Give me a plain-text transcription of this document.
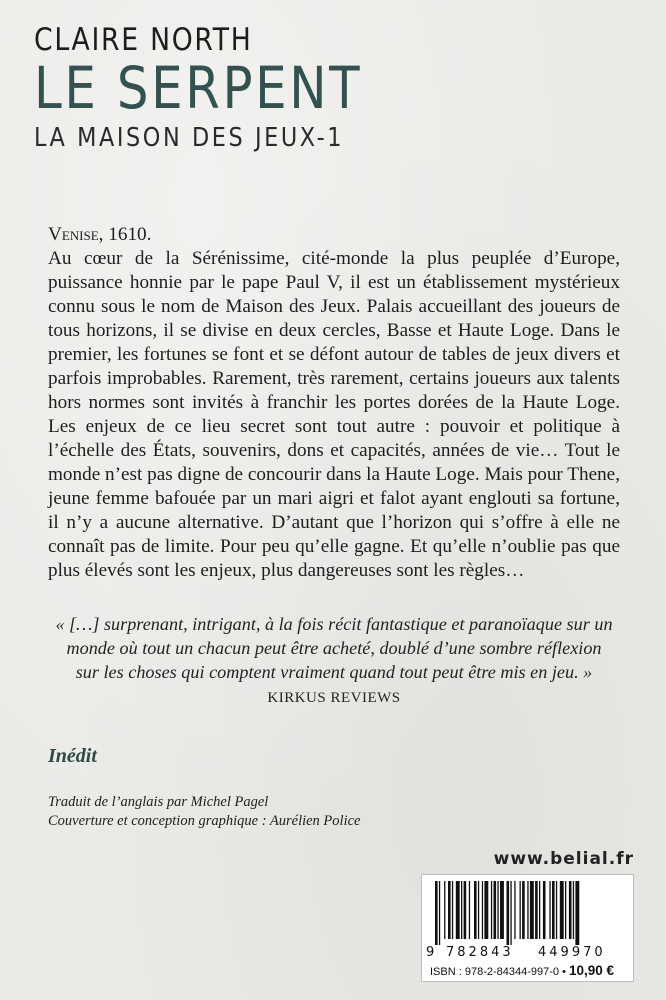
CLAIRE NORTH
LE SERPENT
LA MAISON DES JEUX-1

Venise, 1610.

Au cœur de la Sérénissime, cité-monde la plus peuplée d’Europe, puissance honnie par le pape Paul V, il est un établissement mystérieux connu sous le nom de Maison des Jeux. Palais accueillant des joueurs de tous horizons, il se divise en deux cercles, Basse et Haute Loge. Dans le premier, les fortunes se font et se défont autour de tables de jeux divers et parfois improbables. Rarement, très rarement, certains joueurs aux talents hors normes sont invités à franchir les portes dorées de la Haute Loge. Les enjeux de ce lieu secret sont tout autre : pouvoir et politique à l’échelle des États, souvenirs, dons et capacités, années de vie… Tout le monde n’est pas digne de concourir dans la Haute Loge. Mais pour Thene, jeune femme bafouée par un mari aigri et falot ayant englouti sa fortune, il n’y a aucune alternative. D’autant que l’horizon qui s’offre à elle ne connaît pas de limite. Pour peu qu’elle gagne. Et qu’elle n’oublie pas que plus élevés sont les enjeux, plus dangereuses sont les règles…

« […] surprenant, intrigant, à la fois récit fantastique et paranoïaque sur un

monde où tout un chacun peut être acheté, doublé d’une sombre réflexion

sur les choses qui comptent vraiment quand tout peut être mis en jeu. »

KIRKUS REVIEWS
Inédit
Traduit de l’anglais par Michel Pagel
Couverture et conception graphique : Aurélien Police
www.belial.fr
9 782843 449970
ISBN : 978-2-84344-997-0 • 10,90 €
